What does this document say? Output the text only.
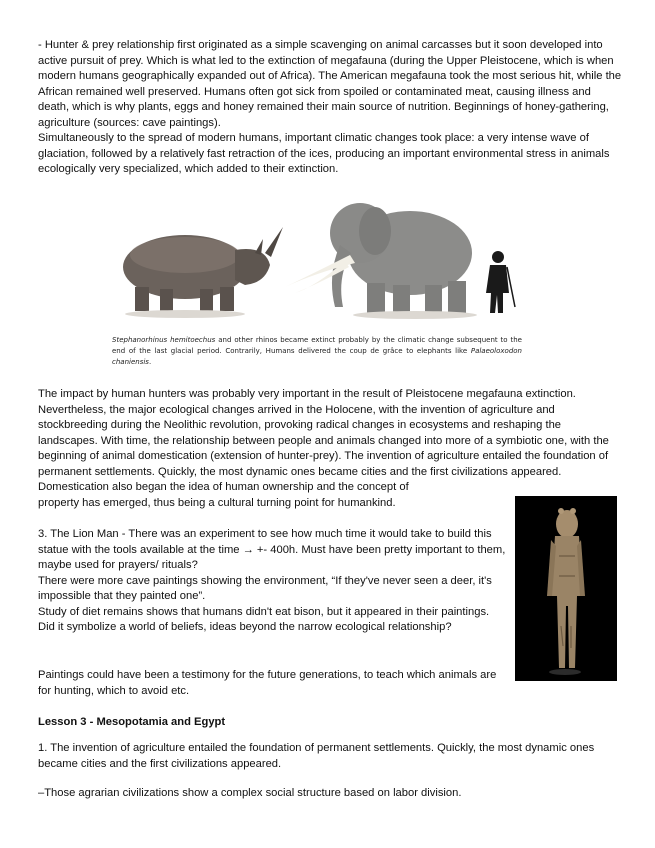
- Hunter & prey relationship first originated as a simple scavenging on animal carcasses but it soon developed into active pursuit of prey. Which is what led to the extinction of megafauna (during the Upper Pleistocene, which is when modern humans geographically expanded out of Africa). The American megafauna took the most serious hit, while the African remained well preserved. Humans often got sick from spoiled or contaminated meat, causing illness and death, which is why plants, eggs and honey remained their main source of nutrition. Beginnings of honey-gathering, agriculture (sources: cave paintings).
Simultaneously to the spread of modern humans, important climatic changes took place: a very intense wave of glaciation, followed by a relatively fast retraction of the ices, producing an important environmental stress in animals ecologically very specialized, which added to their extinction.
Stephanorhinus hemitoechus and other rhinos became extinct probably by the climatic change subsequent to the end of the last glacial period. Contrarily, Humans delivered the coup de grâce to elephants like Palaeoloxodon chaniensis.
The impact by human hunters was probably very important in the result of Pleistocene megafauna extinction. Nevertheless, the major ecological changes arrived in the Holocene, with the invention of agriculture and stockbreeding during the Neolithic revolution, provoking radical changes in ecosystems and reshaping the landscapes. With time, the relationship between people and animals changed into more of a symbiotic one, with the beginning of animal domestication (extension of hunter-prey). The invention of agriculture entailed the foundation of permanent settlements. Quickly, the most dynamic ones became cities and the first civilizations appeared. Domestication also began the idea of human ownership and the concept of
property has emerged, thus being a cultural turning point for humankind.
3. The Lion Man - There was an experiment to see how much time it would take to build this statue with the tools available at the time → +- 400h. Must have been pretty important to them, maybe used for prayers/ rituals?
There were more cave paintings showing the environment, “If they've never seen a deer, it's impossible that they painted one”.
Study of diet remains shows that humans didn't eat bison, but it appeared in their paintings. Did it symbolize a world of beliefs, ideas beyond the narrow ecological relationship?

Paintings could have been a testimony for the future generations, to teach which animals are for hunting, which to avoid etc.

Lesson 3 - Mesopotamia and Egypt

1. The invention of agriculture entailed the foundation of permanent settlements. Quickly, the most dynamic ones became cities and the first civilizations appeared.

–Those agrarian civilizations show a complex social structure based on labor division.
